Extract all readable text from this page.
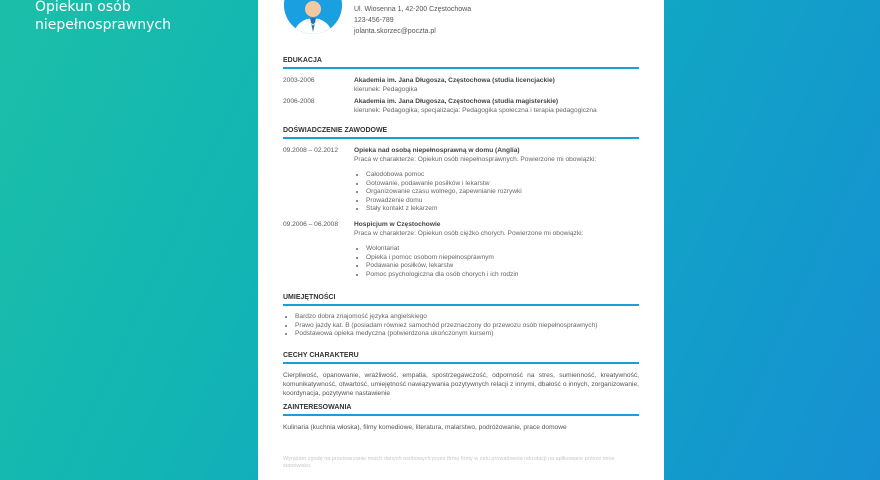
Opiekun osób
niepełnosprawnych
Ul. Wiosenna 1, 42-200 Częstochowa
123-456-789
jolanta.skorzec@poczta.pl
EDUKACJA
2003-2006	Akademia im. Jana Długosza, Częstochowa (studia licencjackie)
kierunek: Pedagogika
2006-2008	Akademia im. Jana Długosza, Częstochowa (studia magisterskie)
kierunek: Pedagogika, specjalizacja: Pedagogika społeczna i terapia pedagogiczna
DOŚWIADCZENIE ZAWODOWE
09.2008 – 02.2012	Opieka nad osobą niepełnosprawną w domu (Anglia)
Praca w charakterze: Opiekun osób niepełnosprawnych. Powierzone mi obowiązki:
• Całodobowa pomoc
• Gotowanie, podawanie posiłków i lekarstw
• Organizowanie czasu wolnego, zapewnianie rozrywki
• Prowadzenie domu
• Stały kontakt z lekarzem
09.2006 – 06.2008	Hospicjum w Częstochowie
Praca w charakterze: Opiekun osób ciężko chorych. Powierzone mi obowiązki:
• Wolontariat
• Opieka i pomoc osobom niepełnosprawnym
• Podawanie posiłków, lekarstw
• Pomoc psychologiczna dla osób chorych i ich rodzin
UMIEJĘTNOŚCI
• Bardzo dobra znajomość języka angielskiego
• Prawo jazdy kat. B (posiadam również samochód przeznaczony do przewozu osób niepełnosprawnych)
• Podstawowa opieka medyczna (potwierdzona ukończonym kursem)
CECHY CHARAKTERU
Cierpliwość, opanowanie, wrażliwość, empatia, spostrzegawczość, odporność na stres, sumienność, kreatywność, komunikatywność, otwartość, umiejętność nawiązywania pozytywnych relacji z innymi, dbałość o innych, zorganizowanie, koordynacja, pozytywne nastawienie
ZAINTERESOWANIA
Kulinaria (kuchnia włoska), filmy komediowe, literatura, malarstwo, podróżowanie, prace domowe
Wyrażam zgodę na przetwarzanie moich danych osobowych przez firmę firmy w celu prowadzenia rekrutacji na aplikowane przeze mnie stanowisko.
